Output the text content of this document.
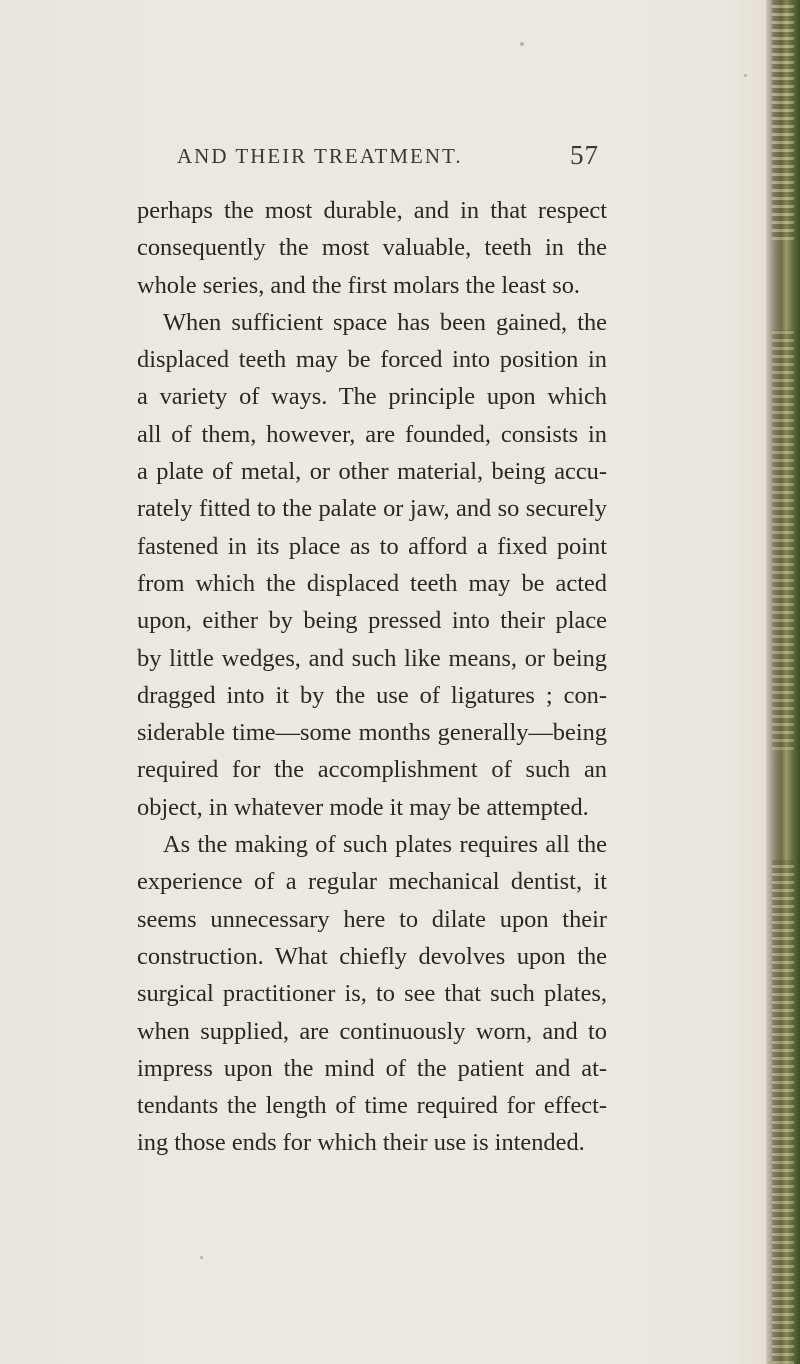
AND THEIR TREATMENT.	57
perhaps the most durable, and in that respect
consequently the most valuable, teeth in the
whole series, and the first molars the least so.
When sufficient space has been gained, the
displaced teeth may be forced into position in
a variety of ways. The principle upon which
all of them, however, are founded, consists in
a plate of metal, or other material, being accu-
rately fitted to the palate or jaw, and so securely
fastened in its place as to afford a fixed point
from which the displaced teeth may be acted
upon, either by being pressed into their place
by little wedges, and such like means, or being
dragged into it by the use of ligatures ; con-
siderable time—some months generally—being
required for the accomplishment of such an
object, in whatever mode it may be attempted.
As the making of such plates requires all the
experience of a regular mechanical dentist, it
seems unnecessary here to dilate upon their
construction. What chiefly devolves upon the
surgical practitioner is, to see that such plates,
when supplied, are continuously worn, and to
impress upon the mind of the patient and at-
tendants the length of time required for effect-
ing those ends for which their use is intended.
